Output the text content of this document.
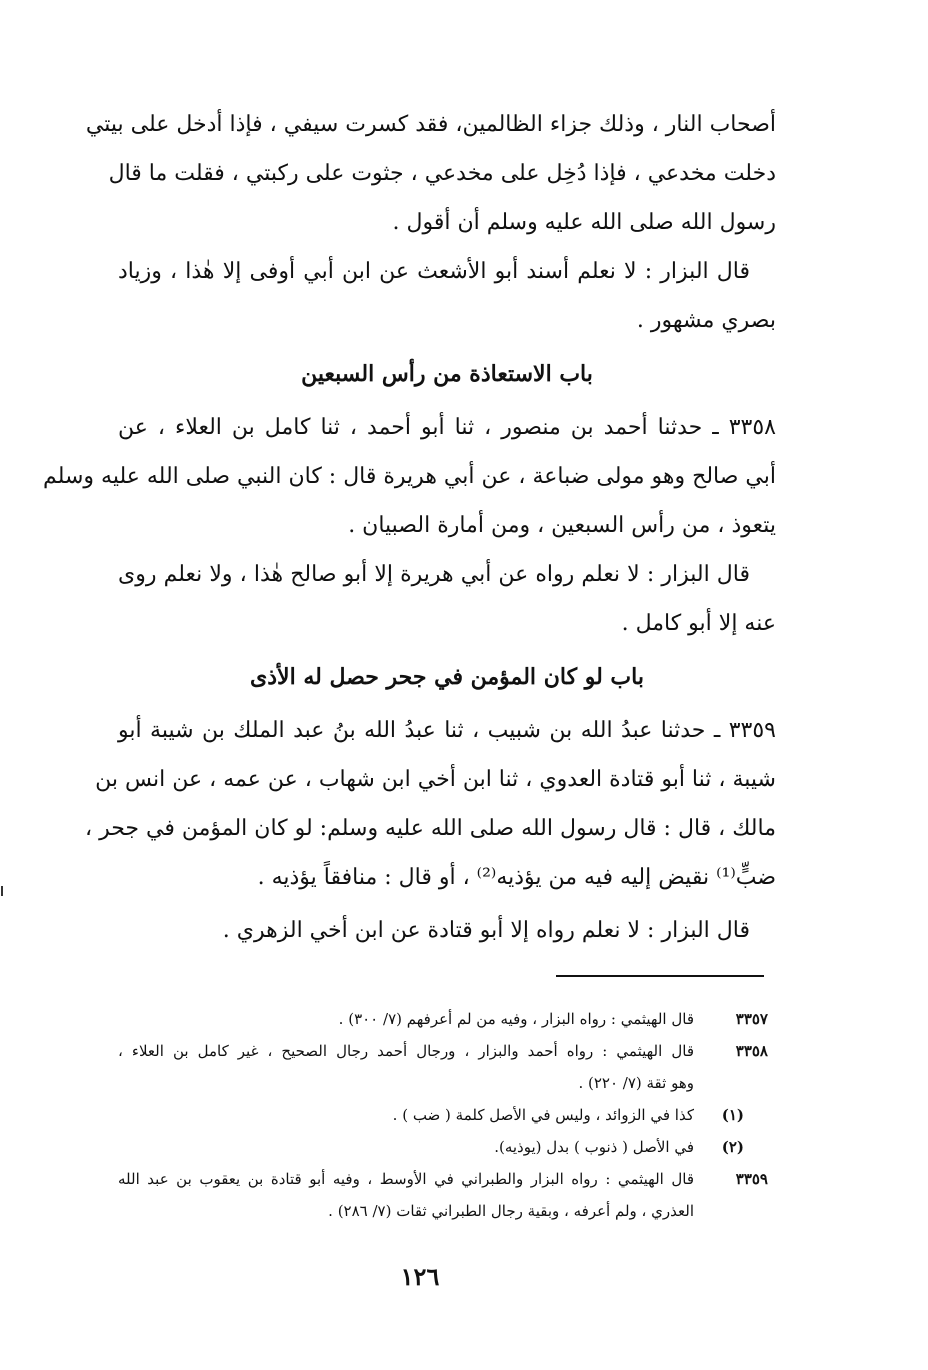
أصحاب النار ، وذلك جزاء الظالمين، فقد كسرت سيفي ، فإذا أدخل على بيتي
دخلت مخدعي ، فإذا دُخِل على مخدعي ، جثوت على ركبتي ، فقلت ما قال
رسول الله صلى الله عليه وسلم أن أقول .
قال البزار : لا نعلم أسند أبو الأشعث عن ابن أبي أوفى إلا هٰذا ، وزياد
بصري مشهور .
باب الاستعاذة من رأس السبعين
٣٣٥٨ ـ حدثنا أحمد بن منصور ، ثنا أبو أحمد ، ثنا كامل بن العلاء ، عن
أبي صالح وهو مولى ضباعة ، عن أبي هريرة قال : كان النبي صلى الله عليه وسلم
يتعوذ ، من رأس السبعين ، ومن أمارة الصبيان .
قال البزار : لا نعلم رواه عن أبي هريرة إلا أبو صالح هٰذا ، ولا نعلم روى
عنه إلا أبو كامل .
باب لو كان المؤمن في جحر حصل له الأذى
٣٣٥٩ ـ حدثنا عبدُ الله بن شبيب ، ثنا عبدُ الله بنُ عبد الملك بن شيبة أبو
شيبة ، ثنا أبو قتادة العدوي ، ثنا ابن أخي ابن شهاب ، عن عمه ، عن انس بن
مالك ، قال : قال رسول الله صلى الله عليه وسلم: لو كان المؤمن في جحر ،
ضبٍّ⁽¹⁾ نقيض إليه فيه من يؤذيه⁽²⁾ ، أو قال : منافقاً يؤذيه .
قال البزار : لا نعلم رواه إلا أبو قتادة عن ابن أخي الزهري .
٣٣٥٧
قال الهيثمي : رواه البزار ، وفيه من لم أعرفهم (٧/ ٣٠٠) .
٣٣٥٨
قال الهيثمي : رواه أحمد والبزار ، ورجال أحمد رجال الصحيح ، غير كامل بن العلاء ،
وهو ثقة (٧/ ٢٢٠) .
(١)
كذا في الزوائد ، وليس في الأصل كلمة ( ضب ) .
(٢)
في الأصل ( ذنوب ) بدل (يوذيه).
٣٣٥٩
قال الهيثمي : رواه البزار والطبراني في الأوسط ، وفيه أبو قتادة بن يعقوب بن عبد الله
العذري ، ولم أعرفه ، وبقية رجال الطبراني ثقات (٧/ ٢٨٦) .
١٢٦
